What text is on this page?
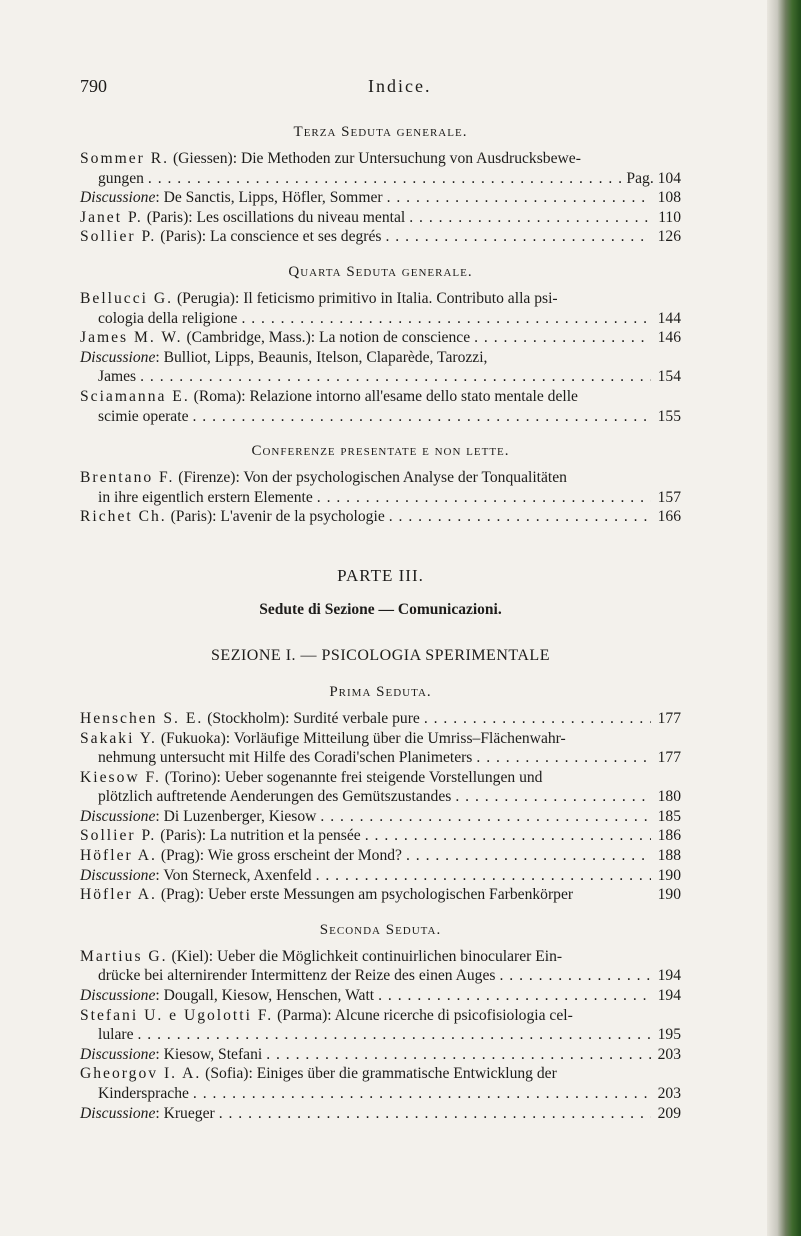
790	Indice.
Terza Seduta generale.
Sommer R. (Giessen): Die Methoden zur Untersuchung von Ausdrucksbewe-
gungen . . .	Pag. 104
Discussione: De Sanctis, Lipps, Höfler, Sommer . . .	108
Janet P. (Paris): Les oscillations du niveau mental . . .	110
Sollier P. (Paris): La conscience et ses degrés . . .	126
Quarta Seduta generale.
Bellucci G. (Perugia): Il feticismo primitivo in Italia. Contributo alla psi-
cologia della religione . . .	144
James M. W. (Cambridge, Mass.): La notion de conscience . . .	146
Discussione: Bulliot, Lipps, Beaunis, Itelson, Claparède, Tarozzi,
James . . .	154
Sciamanna E. (Roma): Relazione intorno all'esame dello stato mentale delle
scimie operate . . .	155
Conferenze presentate e non lette.
Brentano F. (Firenze): Von der psychologischen Analyse der Tonqualitäten
in ihre eigentlich erstern Elemente . . .	157
Richet Ch. (Paris): L'avenir de la psychologie . . .	166
PARTE III.
Sedute di Sezione — Comunicazioni.
SEZIONE I. — PSICOLOGIA SPERIMENTALE
Prima Seduta.
Henschen S. E. (Stockholm): Surdité verbale pure . . .	177
Sakaki Y. (Fukuoka): Vorläufige Mitteilung über die Umriss–Flächenwahr-
nehmung untersucht mit Hilfe des Coradi'schen Planimeters . . .	177
Kiesow F. (Torino): Ueber sogenannte frei steigende Vorstellungen und
plötzlich auftretende Aenderungen des Gemütszustandes . . .	180
Discussione: Di Luzenberger, Kiesow . . .	185
Sollier P. (Paris): La nutrition et la pensée . . .	186
Höfler A. (Prag): Wie gross erscheint der Mond? . . .	188
Discussione: Von Sterneck, Axenfeld . . .	190
Höfler A. (Prag): Ueber erste Messungen am psychologischen Farbenkörper	190
Seconda Seduta.
Martius G. (Kiel): Ueber die Möglichkeit continuirlichen binocularer Ein-
drücke bei alternirender Intermittenz der Reize des einen Auges . . .	194
Discussione: Dougall, Kiesow, Henschen, Watt . . .	194
Stefani U. e Ugolotti F. (Parma): Alcune ricerche di psicofisiologia cel-
lulare . . .	195
Discussione: Kiesow, Stefani . . .	203
Gheorgov I. A. (Sofia): Einiges über die grammatische Entwicklung der
Kindersprache . . .	203
Discussione: Krueger . . .	209
